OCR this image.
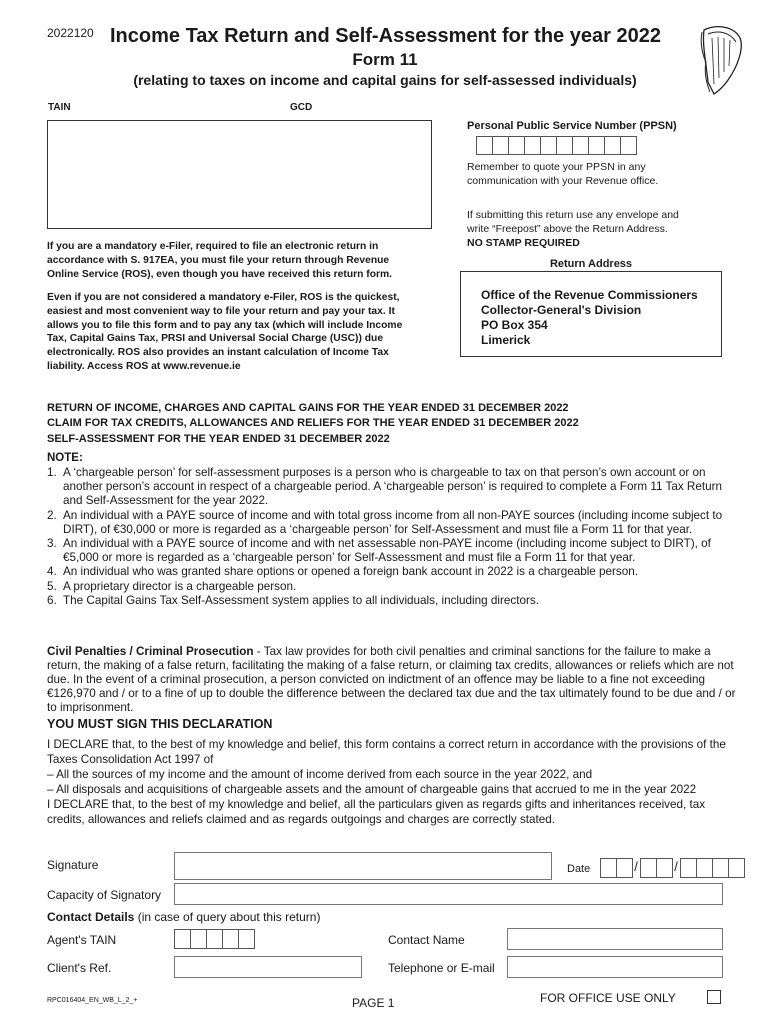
2022120 Income Tax Return and Self-Assessment for the year 2022
Form 11
(relating to taxes on income and capital gains for self-assessed individuals)
TAIN	GCD
Personal Public Service Number (PPSN)
Remember to quote your PPSN in any
communication with your Revenue office.
If submitting this return use any envelope and
write “Freepost” above the Return Address.
NO STAMP REQUIRED
If you are a mandatory e-Filer, required to file an electronic return in
accordance with S. 917EA, you must file your return through Revenue
Online Service (ROS), even though you have received this return form.
Even if you are not considered a mandatory e-Filer, ROS is the quickest,
easiest and most convenient way to file your return and pay your tax. It
allows you to file this form and to pay any tax (which will include Income
Tax, Capital Gains Tax, PRSI and Universal Social Charge (USC)) due
electronically. ROS also provides an instant calculation of Income Tax
liability. Access ROS at www.revenue.ie
Return Address
Office of the Revenue Commissioners
Collector-General's Division
PO Box 354
Limerick
RETURN OF INCOME, CHARGES AND CAPITAL GAINS FOR THE YEAR ENDED 31 DECEMBER 2022
CLAIM FOR TAX CREDITS, ALLOWANCES AND RELIEFS FOR THE YEAR ENDED 31 DECEMBER 2022
SELF-ASSESSMENT FOR THE YEAR ENDED 31 DECEMBER 2022
NOTE:
1. A ‘chargeable person’ for self-assessment purposes is a person who is chargeable to tax on that person’s own account or on another person’s account in respect of a chargeable period. A ‘chargeable person’ is required to complete a Form 11 Tax Return and Self-Assessment for the year 2022.
2. An individual with a PAYE source of income and with total gross income from all non-PAYE sources (including income subject to DIRT), of €30,000 or more is regarded as a ‘chargeable person’ for Self-Assessment and must file a Form 11 for that year.
3. An individual with a PAYE source of income and with net assessable non-PAYE income (including income subject to DIRT), of €5,000 or more is regarded as a ‘chargeable person’ for Self-Assessment and must file a Form 11 for that year.
4. An individual who was granted share options or opened a foreign bank account in 2022 is a chargeable person.
5. A proprietary director is a chargeable person.
6. The Capital Gains Tax Self-Assessment system applies to all individuals, including directors.
Civil Penalties / Criminal Prosecution - Tax law provides for both civil penalties and criminal sanctions for the failure to make a return, the making of a false return, facilitating the making of a false return, or claiming tax credits, allowances or reliefs which are not due. In the event of a criminal prosecution, a person convicted on indictment of an offence may be liable to a fine not exceeding €126,970 and / or to a fine of up to double the difference between the declared tax due and the tax ultimately found to be due and / or to imprisonment.
YOU MUST SIGN THIS DECLARATION
I DECLARE that, to the best of my knowledge and belief, this form contains a correct return in accordance with the provisions of the Taxes Consolidation Act 1997 of
– All the sources of my income and the amount of income derived from each source in the year 2022, and
– All disposals and acquisitions of chargeable assets and the amount of chargeable gains that accrued to me in the year 2022
I DECLARE that, to the best of my knowledge and belief, all the particulars given as regards gifts and inheritances received, tax credits, allowances and reliefs claimed and as regards outgoings and charges are correctly stated.
Signature	Date	/	/
Capacity of Signatory
Contact Details (in case of query about this return)
Agent's TAIN	Contact Name
Client's Ref.	Telephone or E-mail
RPC016404_EN_WB_L_2_+	PAGE 1	FOR OFFICE USE ONLY
